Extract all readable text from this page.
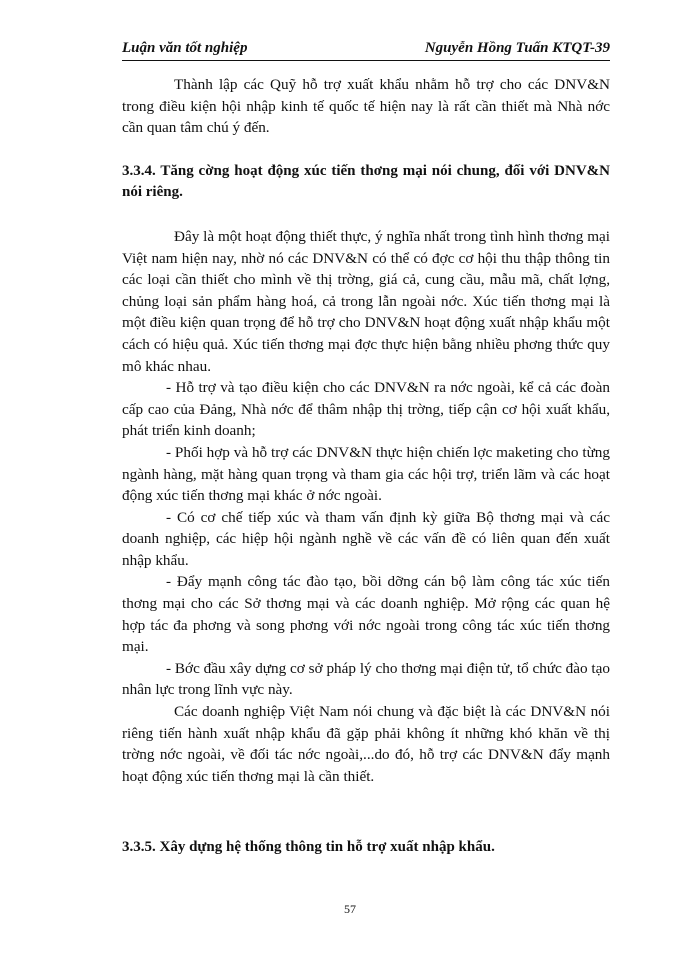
Luận văn tốt nghiệp	Nguyễn Hồng Tuấn KTQT-39

Thành lập các Quỹ hỗ trợ xuất khẩu nhằm hỗ trợ cho các DNV&N trong điều kiện hội nhập kinh tế quốc tế hiện nay là rất cần thiết mà Nhà nớc cần quan tâm chú ý đến.

3.3.4. Tăng cờng hoạt động xúc tiến thơng mại nói chung, đối với DNV&N nói riêng.

Đây là một hoạt động thiết thực, ý nghĩa nhất trong tình hình thơng mại Việt nam hiện nay, nhờ nó các DNV&N có thể có đợc cơ hội thu thập thông tin các loại cần thiết cho mình về thị trờng, giá cả, cung cầu, mẫu mã, chất lợng, chủng loại sản phẩm hàng hoá, cả trong lẫn ngoài nớc. Xúc tiến thơng mại là một điều kiện quan trọng để hỗ trợ cho DNV&N hoạt động xuất nhập khẩu một cách có hiệu quả. Xúc tiến thơng mại đợc thực hiện bằng nhiều phơng thức quy mô khác nhau.

- Hỗ trợ và tạo điều kiện cho các DNV&N ra nớc ngoài, kể cả các đoàn cấp cao của Đảng, Nhà nớc để thâm nhập thị trờng, tiếp cận cơ hội xuất khẩu, phát triển kinh doanh;

- Phối hợp và hỗ trợ các DNV&N thực hiện chiến lợc maketing cho từng ngành hàng, mặt hàng quan trọng và tham gia các hội trợ, triển lãm và các hoạt động xúc tiến thơng mại khác ở nớc ngoài.

- Có cơ chế tiếp xúc và tham vấn định kỳ giữa Bộ thơng mại và các doanh nghiệp, các hiệp hội ngành nghề về các vấn đề có liên quan đến xuất nhập khẩu.

- Đẩy mạnh công tác đào tạo, bồi dỡng cán bộ làm công tác xúc tiến thơng mại cho các Sở thơng mại và các doanh nghiệp. Mở rộng các quan hệ hợp tác đa phơng và song phơng với nớc ngoài trong công tác xúc tiến thơng mại.

- Bớc đầu xây dựng cơ sở pháp lý cho thơng mại điện tử, tổ chức đào tạo nhân lực trong lĩnh vực này.

Các doanh nghiệp Việt Nam nói chung và đặc biệt là các DNV&N nói riêng tiến hành xuất nhập khẩu đã gặp phải không ít những khó khăn về thị trờng nớc ngoài, về đối tác nớc ngoài,...do đó, hỗ trợ các DNV&N đẩy mạnh hoạt động xúc tiến thơng mại là cần thiết.

3.3.5. Xây dựng hệ thống thông tin hỗ trợ xuất nhập khẩu.

57
